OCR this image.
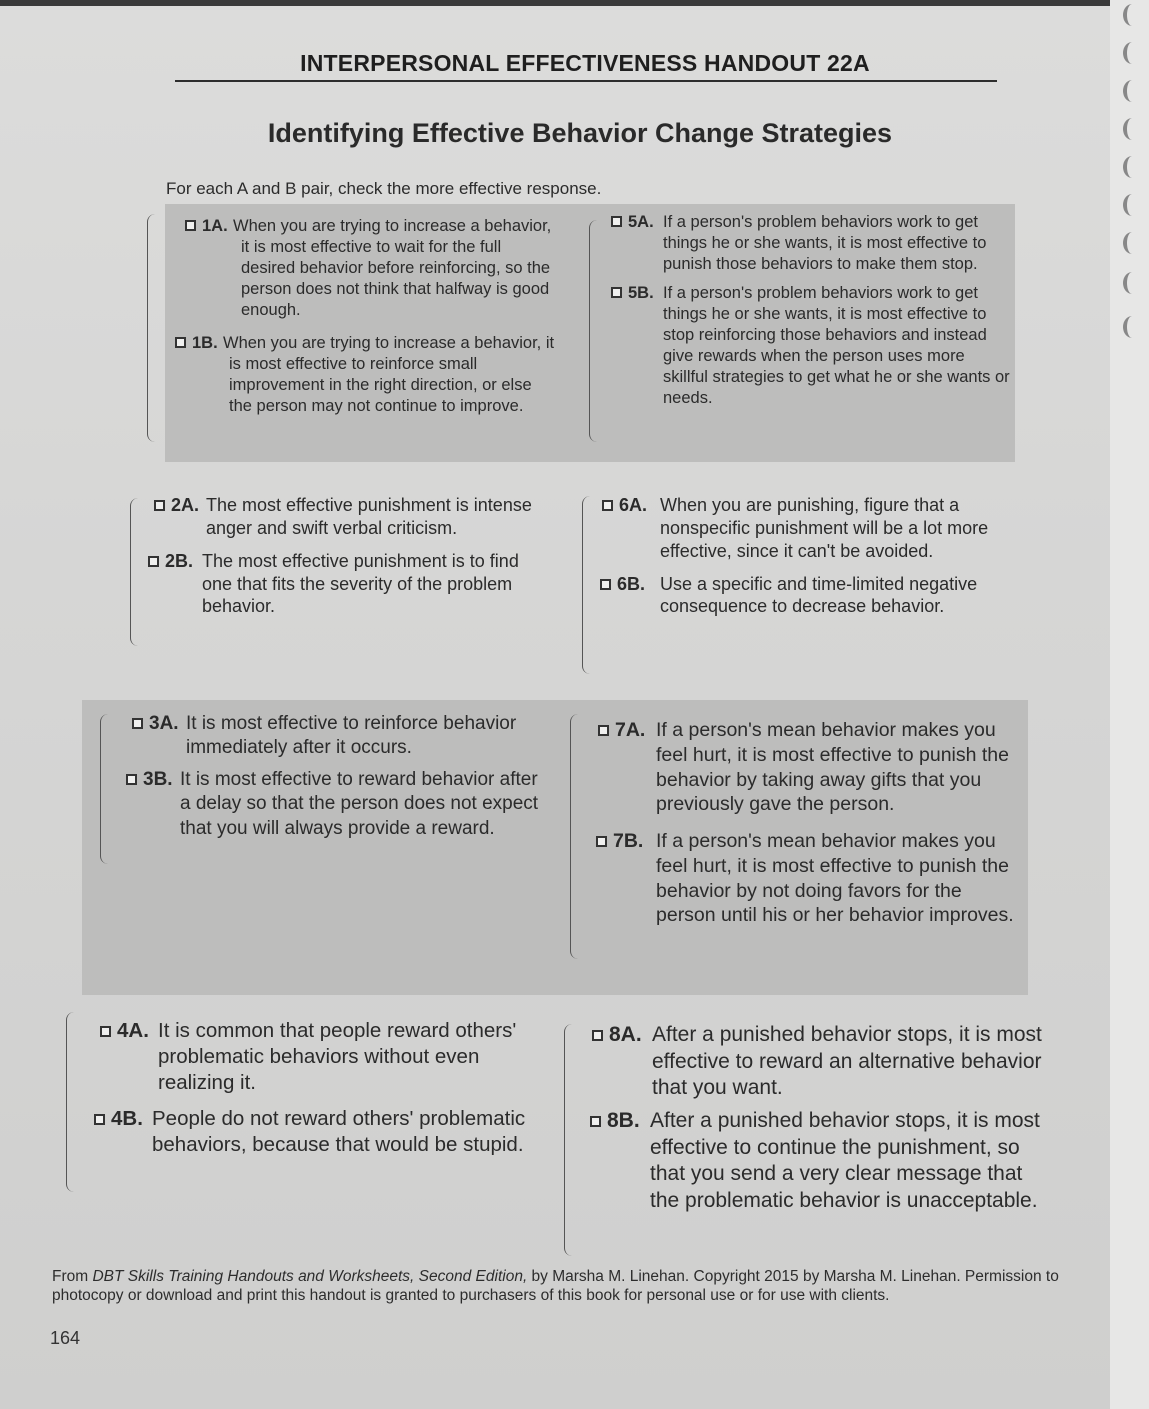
INTERPERSONAL EFFECTIVENESS HANDOUT 22A
Identifying Effective Behavior Change Strategies
For each A and B pair, check the more effective response.
1A. When you are trying to increase a behavior, it is most effective to wait for the full desired behavior before reinforcing, so the person does not think that halfway is good enough.
1B. When you are trying to increase a behavior, it is most effective to reinforce small improvement in the right direction, or else the person may not continue to improve.
5A. If a person's problem behaviors work to get things he or she wants, it is most effective to punish those behaviors to make them stop.
5B. If a person's problem behaviors work to get things he or she wants, it is most effective to stop reinforcing those behaviors and instead give rewards when the person uses more skillful strategies to get what he or she wants or needs.
2A. The most effective punishment is intense anger and swift verbal criticism.
2B. The most effective punishment is to find one that fits the severity of the problem behavior.
6A. When you are punishing, figure that a nonspecific punishment will be a lot more effective, since it can't be avoided.
6B. Use a specific and time-limited negative consequence to decrease behavior.
3A. It is most effective to reinforce behavior immediately after it occurs.
3B. It is most effective to reward behavior after a delay so that the person does not expect that you will always provide a reward.
7A. If a person's mean behavior makes you feel hurt, it is most effective to punish the behavior by taking away gifts that you previously gave the person.
7B. If a person's mean behavior makes you feel hurt, it is most effective to punish the behavior by not doing favors for the person until his or her behavior improves.
4A. It is common that people reward others' problematic behaviors without even realizing it.
4B. People do not reward others' problematic behaviors, because that would be stupid.
8A. After a punished behavior stops, it is most effective to reward an alternative behavior that you want.
8B. After a punished behavior stops, it is most effective to continue the punishment, so that you send a very clear message that the problematic behavior is unacceptable.
From DBT Skills Training Handouts and Worksheets, Second Edition, by Marsha M. Linehan. Copyright 2015 by Marsha M. Linehan. Permission to photocopy or download and print this handout is granted to purchasers of this book for personal use or for use with clients.
164
